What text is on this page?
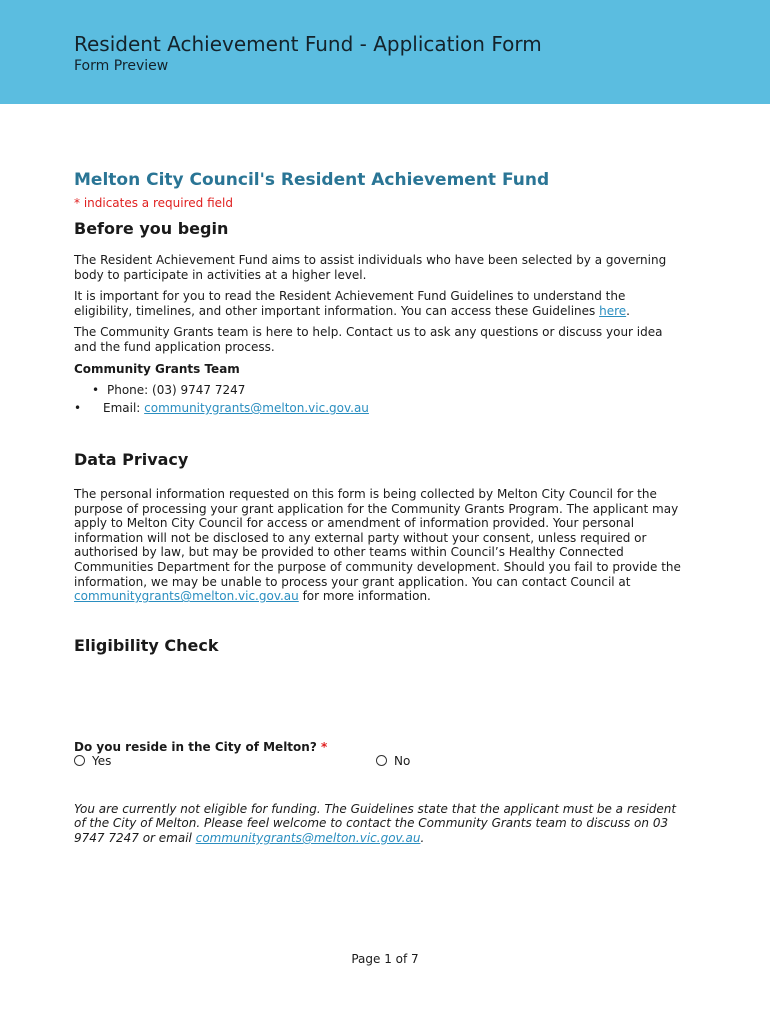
Resident Achievement Fund - Application Form
Form Preview
Melton City Council's Resident Achievement Fund
* indicates a required field
Before you begin

The Resident Achievement Fund aims to assist individuals who have been selected by a governing body to participate in activities at a higher level.

It is important for you to read the Resident Achievement Fund Guidelines to understand the eligibility, timelines, and other important information. You can access these Guidelines here.

The Community Grants team is here to help. Contact us to ask any questions or discuss your idea and the fund application process.

Community Grants Team
• Phone: (03) 9747 7247
• Email: communitygrants@melton.vic.gov.au
Data Privacy

The personal information requested on this form is being collected by Melton City Council for the purpose of processing your grant application for the Community Grants Program. The applicant may apply to Melton City Council for access or amendment of information provided. Your personal information will not be disclosed to any external party without your consent, unless required or authorised by law, but may be provided to other teams within Council’s Healthy Connected Communities Department for the purpose of community development. Should you fail to provide the information, we may be unable to process your grant application. You can contact Council at communitygrants@melton.vic.gov.au for more information.

Eligibility Check
Do you reside in the City of Melton? *
Yes	No

You are currently not eligible for funding. The Guidelines state that the applicant must be a resident of the City of Melton. Please feel welcome to contact the Community Grants team to discuss on 03 9747 7247 or email communitygrants@melton.vic.gov.au.

Page 1 of 7
